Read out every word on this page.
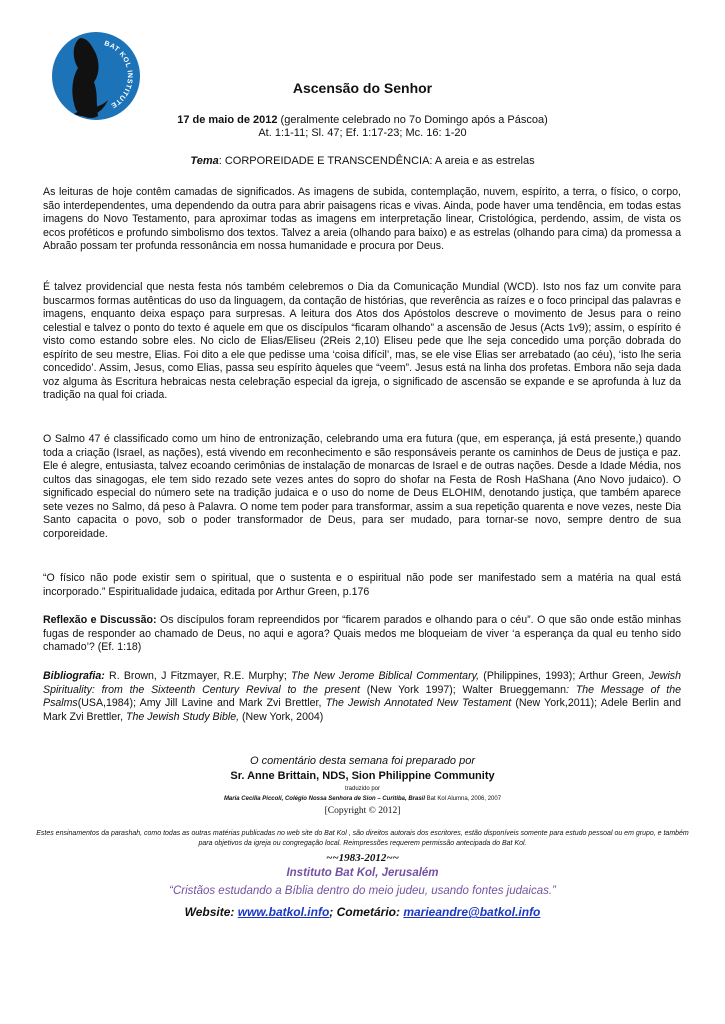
BAT KOL INSTITUTE
Ascensão do Senhor
17 de maio de 2012 (geralmente celebrado no 7o Domingo após a Páscoa)
At. 1:1-11; Sl. 47; Ef. 1:17-23; Mc. 16: 1-20
Tema: CORPOREIDADE E TRANSCENDÊNCIA: A areia e as estrelas

As leituras de hoje contêm camadas de significados. As imagens de subida, contemplação, nuvem, espírito, a terra, o físico, o corpo, são interdependentes, uma dependendo da outra para abrir paisagens ricas e vivas. Ainda, pode haver uma tendência, em todas estas imagens do Novo Testamento, para aproximar todas as imagens em interpretação linear, Cristológica, perdendo, assim, de vista os ecos proféticos e profundo simbolismo dos textos. Talvez a areia (olhando para baixo) e as estrelas (olhando para cima) da promessa a Abraão possam ter profunda ressonância em nossa humanidade e procura por Deus.

É talvez providencial que nesta festa nós também celebremos o Dia da Comunicação Mundial (WCD). Isto nos faz um convite para buscarmos formas autênticas do uso da linguagem, da contação de histórias, que reverência as raízes e o foco principal das palavras e imagens, enquanto deixa espaço para surpresas. A leitura dos Atos dos Apóstolos descreve o movimento de Jesus para o reino celestial e talvez o ponto do texto é aquele em que os discípulos “ficaram olhando” a ascensão de Jesus (Acts 1v9); assim, o espírito é visto como estando sobre eles. No ciclo de Elias/Eliseu (2Reis 2,10) Eliseu pede que lhe seja concedido uma porção dobrada do espírito de seu mestre, Elias. Foi dito a ele que pedisse uma ‘coisa difícil’, mas, se ele vise Elias ser arrebatado (ao céu), ‘isto lhe seria concedido’. Assim, Jesus, como Elias, passa seu espírito àqueles que “veem”. Jesus está na linha dos profetas. Embora não seja dada voz alguma às Escritura hebraicas nesta celebração especial da igreja, o significado de ascensão se expande e se aprofunda à luz da tradição na qual foi criada.

O Salmo 47 é classificado como um hino de entronização, celebrando uma era futura (que, em esperança, já está presente,) quando toda a criação (Israel, as nações), está vivendo em reconhecimento e são responsáveis perante os caminhos de Deus de justiça e paz. Ele é alegre, entusiasta, talvez ecoando cerimônias de instalação de monarcas de Israel e de outras nações. Desde a Idade Média, nos cultos das sinagogas, ele tem sido rezado sete vezes antes do sopro do shofar na Festa de Rosh HaShana (Ano Novo judaico). O significado especial do número sete na tradição judaica e o uso do nome de Deus ELOHIM, denotando justiça, que também aparece sete vezes no Salmo, dá peso à Palavra. O nome tem poder para transformar, assim a sua repetição quarenta e nove vezes, neste Dia Santo capacita o povo, sob o poder transformador de Deus, para ser mudado, para tornar-se novo, sempre dentro de sua corporeidade.

“O físico não pode existir sem o spiritual, que o sustenta e o espiritual não pode ser manifestado sem a matéria na qual está incorporado.” Espiritualidade judaica, editada por Arthur Green, p.176

Reflexão e Discussão: Os discípulos foram repreendidos por “ficarem parados e olhando para o céu”. O que são onde estão minhas fugas de responder ao chamado de Deus, no aqui e agora? Quais medos me bloqueiam de viver ‘a esperança da qual eu tenho sido chamado’? (Ef. 1:18)

Bibliografia: R. Brown, J Fitzmayer, R.E. Murphy; The New Jerome Biblical Commentary, (Philippines, 1993); Arthur Green, Jewish Spirituality: from the Sixteenth Century Revival to the present (New York 1997); Walter Brueggemann: The Message of the Psalms(USA,1984); Amy Jill Lavine and Mark Zvi Brettler, The Jewish Annotated New Testament (New York,2011); Adele Berlin and Mark Zvi Brettler, The Jewish Study Bible, (New York, 2004)

O comentário desta semana foi preparado por
Sr. Anne Brittain, NDS, Sion Philippine Community
traduzido por
Maria Cecília Piccoli, Colégio Nossa Senhora de Sion – Curitiba, Brasil Bat Kol Alumna, 2006, 2007
[Copyright © 2012]
Estes ensinamentos da parashah, como todas as outras matérias publicadas no web site do Bat Kol , são direitos autorais dos escritores, estão disponíveis somente para estudo pessoal ou em grupo, e também para objetivos da igreja ou congregação local. Reimpressões requerem permissão antecipada do Bat Kol.
~~1983-2012~~
Instituto Bat Kol, Jerusalém
“Cristãos estudando a Bíblia dentro do meio judeu, usando fontes judaicas.”
Website: www.batkol.info; Cometário: marieandre@batkol.info
